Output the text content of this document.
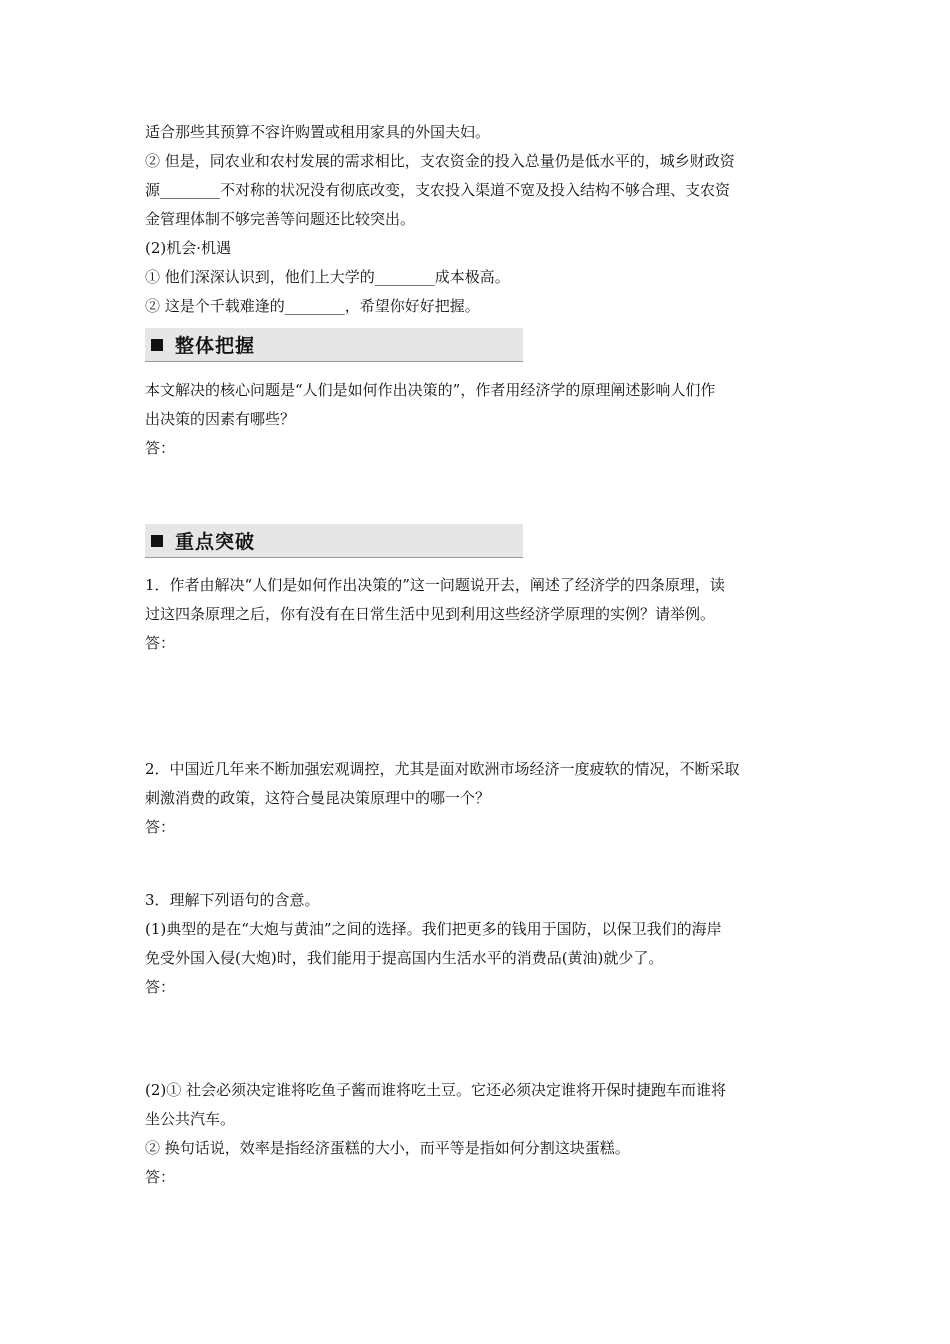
适合那些其预算不容许购置或租用家具的外国夫妇。
② 但是，同农业和农村发展的需求相比，支农资金的投入总量仍是低水平的，城乡财政资
源________不对称的状况没有彻底改变，支农投入渠道不宽及投入结构不够合理、支农资
金管理体制不够完善等问题还比较突出。
(2)机会·机遇
① 他们深深认识到，他们上大学的________成本极高。
② 这是个千载难逢的________，希望你好好把握。
整体把握
本文解决的核心问题是“人们是如何作出决策的”，作者用经济学的原理阐述影响人们作
出决策的因素有哪些？
答：
重点突破
1．作者由解决“人们是如何作出决策的”这一问题说开去，阐述了经济学的四条原理，读
过这四条原理之后，你有没有在日常生活中见到利用这些经济学原理的实例？请举例。
答：
2．中国近几年来不断加强宏观调控，尤其是面对欧洲市场经济一度疲软的情况，不断采取
刺激消费的政策，这符合曼昆决策原理中的哪一个？
答：
3．理解下列语句的含意。
(1)典型的是在“大炮与黄油”之间的选择。我们把更多的钱用于国防，以保卫我们的海岸
免受外国入侵(大炮)时，我们能用于提高国内生活水平的消费品(黄油)就少了。
答：
(2)① 社会必须决定谁将吃鱼子酱而谁将吃土豆。它还必须决定谁将开保时捷跑车而谁将
坐公共汽车。
② 换句话说，效率是指经济蛋糕的大小，而平等是指如何分割这块蛋糕。
答：
